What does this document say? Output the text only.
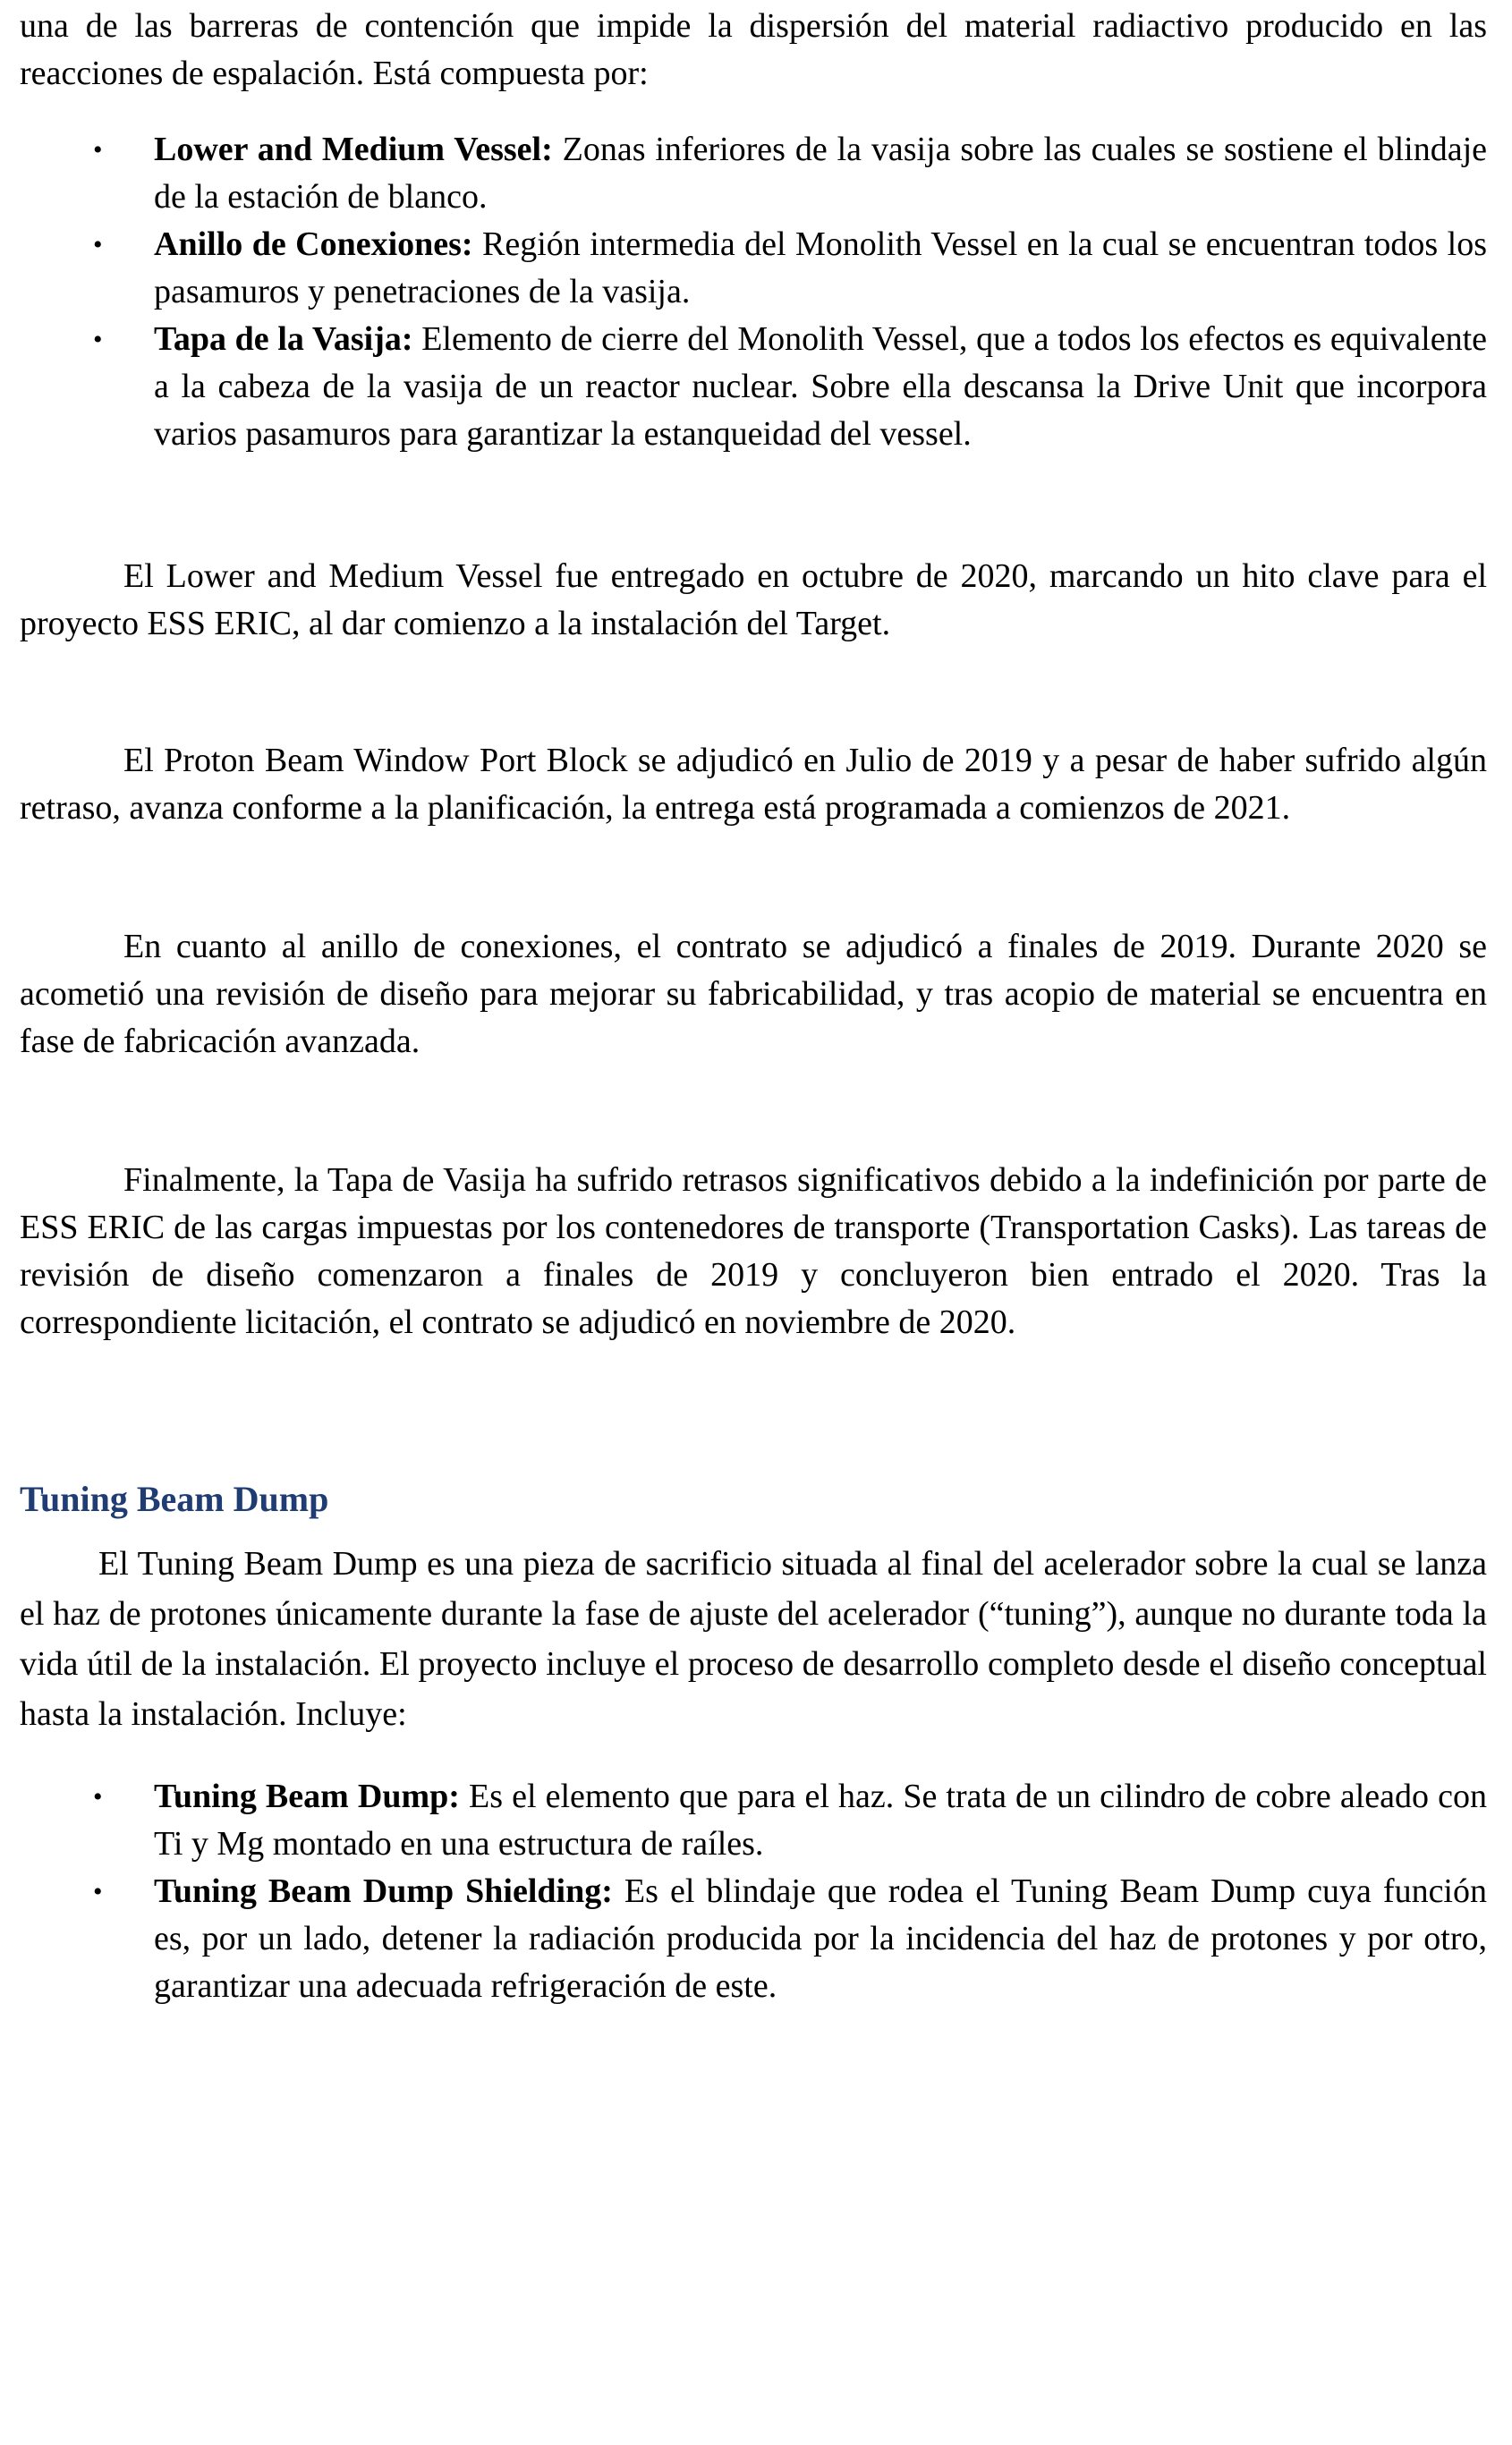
una de las barreras de contención que impide la dispersión del material radiactivo producido en las reacciones de espalación. Está compuesta por:

• Lower and Medium Vessel: Zonas inferiores de la vasija sobre las cuales se sostiene el blindaje de la estación de blanco.
• Anillo de Conexiones: Región intermedia del Monolith Vessel en la cual se encuentran todos los pasamuros y penetraciones de la vasija.
• Tapa de la Vasija: Elemento de cierre del Monolith Vessel, que a todos los efectos es equivalente a la cabeza de la vasija de un reactor nuclear. Sobre ella descansa la Drive Unit que incorpora varios pasamuros para garantizar la estanqueidad del vessel.

El Lower and Medium Vessel fue entregado en octubre de 2020, marcando un hito clave para el proyecto ESS ERIC, al dar comienzo a la instalación del Target.

El Proton Beam Window Port Block se adjudicó en Julio de 2019 y a pesar de haber sufrido algún retraso, avanza conforme a la planificación, la entrega está programada a comienzos de 2021.

En cuanto al anillo de conexiones, el contrato se adjudicó a finales de 2019. Durante 2020 se acometió una revisión de diseño para mejorar su fabricabilidad, y tras acopio de material se encuentra en fase de fabricación avanzada.

Finalmente, la Tapa de Vasija ha sufrido retrasos significativos debido a la indefinición por parte de ESS ERIC de las cargas impuestas por los contenedores de transporte (Transportation Casks). Las tareas de revisión de diseño comenzaron a finales de 2019 y concluyeron bien entrado el 2020. Tras la correspondiente licitación, el contrato se adjudicó en noviembre de 2020.

Tuning Beam Dump

El Tuning Beam Dump es una pieza de sacrificio situada al final del acelerador sobre la cual se lanza el haz de protones únicamente durante la fase de ajuste del acelerador (“tuning”), aunque no durante toda la vida útil de la instalación. El proyecto incluye el proceso de desarrollo completo desde el diseño conceptual hasta la instalación. Incluye:

• Tuning Beam Dump: Es el elemento que para el haz. Se trata de un cilindro de cobre aleado con Ti y Mg montado en una estructura de raíles.
• Tuning Beam Dump Shielding: Es el blindaje que rodea el Tuning Beam Dump cuya función es, por un lado, detener la radiación producida por la incidencia del haz de protones y por otro, garantizar una adecuada refrigeración de este.
